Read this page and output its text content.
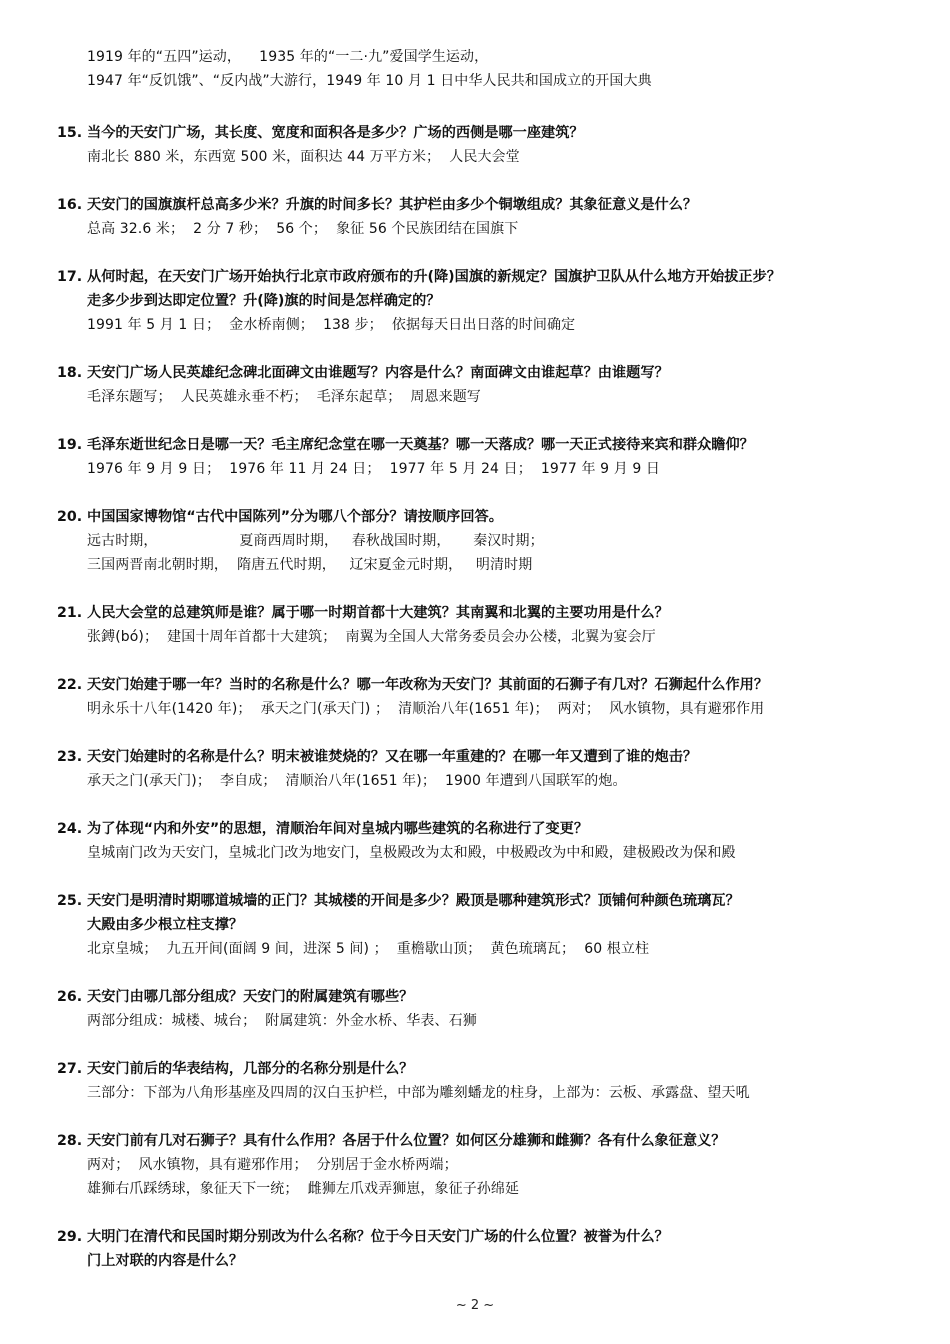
1919 年的“五四”运动，    1935 年的“一二·九”爱国学生运动，
1947 年“反饥饿”、“反内战”大游行，1949 年 10 月 1 日中华人民共和国成立的开国大典
15. 当今的天安门广场，其长度、宽度和面积各是多少？广场的西侧是哪一座建筑？
南北长 880 米，东西宽 500 米，面积达 44 万平方米；  人民大会堂
16. 天安门的国旗旗杆总高多少米？升旗的时间多长？其护栏由多少个铜墩组成？其象征意义是什么？
总高 32.6 米；  2 分 7 秒；  56 个；  象征 56 个民族团结在国旗下
17. 从何时起，在天安门广场开始执行北京市政府颁布的升(降)国旗的新规定？国旗护卫队从什么地方开始拔正步？
走多少步到达即定位置？升(降)旗的时间是怎样确定的？
1991 年 5 月 1 日；  金水桥南侧；  138 步；  依据每天日出日落的时间确定
18. 天安门广场人民英雄纪念碑北面碑文由谁题写？内容是什么？南面碑文由谁起草？由谁题写？
毛泽东题写；  人民英雄永垂不朽；  毛泽东起草；  周恩来题写
19. 毛泽东逝世纪念日是哪一天？毛主席纪念堂在哪一天奠基？哪一天落成？哪一天正式接待来宾和群众瞻仰？
1976 年 9 月 9 日；  1976 年 11 月 24 日；  1977 年 5 月 24 日；  1977 年 9 月 9 日
20. 中国国家博物馆“古代中国陈列”分为哪八个部分？请按顺序回答。
远古时期，                  夏商西周时期，   春秋战国时期，     秦汉时期；
三国两晋南北朝时期，  隋唐五代时期，   辽宋夏金元时期，   明清时期
21. 人民大会堂的总建筑师是谁？属于哪一时期首都十大建筑？其南翼和北翼的主要功用是什么？
张鎛(bó)；  建国十周年首都十大建筑；  南翼为全国人大常务委员会办公楼，北翼为宴会厅
22. 天安门始建于哪一年？当时的名称是什么？哪一年改称为天安门？其前面的石狮子有几对？石狮起什么作用？
明永乐十八年(1420 年)；  承天之门(承天门) ；  清顺治八年(1651 年)；  两对；  风水镇物，具有避邪作用
23. 天安门始建时的名称是什么？明末被谁焚烧的？又在哪一年重建的？在哪一年又遭到了谁的炮击？
承天之门(承天门)；  李自成；  清顺治八年(1651 年)；  1900 年遭到八国联军的炮。
24. 为了体现“内和外安”的思想，清顺治年间对皇城内哪些建筑的名称进行了变更？
皇城南门改为天安门，皇城北门改为地安门，皇极殿改为太和殿，中极殿改为中和殿，建极殿改为保和殿
25. 天安门是明清时期哪道城墙的正门？其城楼的开间是多少？殿顶是哪种建筑形式？顶铺何种颜色琉璃瓦？
大殿由多少根立柱支撑？
北京皇城；  九五开间(面阔 9 间，进深 5 间) ；  重檐歇山顶；  黄色琉璃瓦；  60 根立柱
26. 天安门由哪几部分组成？天安门的附属建筑有哪些？
两部分组成：城楼、城台；  附属建筑：外金水桥、华表、石狮
27. 天安门前后的华表结构，几部分的名称分别是什么？
三部分：下部为八角形基座及四周的汉白玉护栏，中部为雕刻蟠龙的柱身，上部为：云板、承露盘、望天吼
28. 天安门前有几对石狮子？具有什么作用？各居于什么位置？如何区分雄狮和雌狮？各有什么象征意义？
两对；  风水镇物，具有避邪作用；  分别居于金水桥两端；
雄狮右爪踩绣球，象征天下一统；  雌狮左爪戏弄狮崽，象征子孙绵延
29. 大明门在清代和民国时期分别改为什么名称？位于今日天安门广场的什么位置？被誉为什么？
门上对联的内容是什么？
~ 2 ~
